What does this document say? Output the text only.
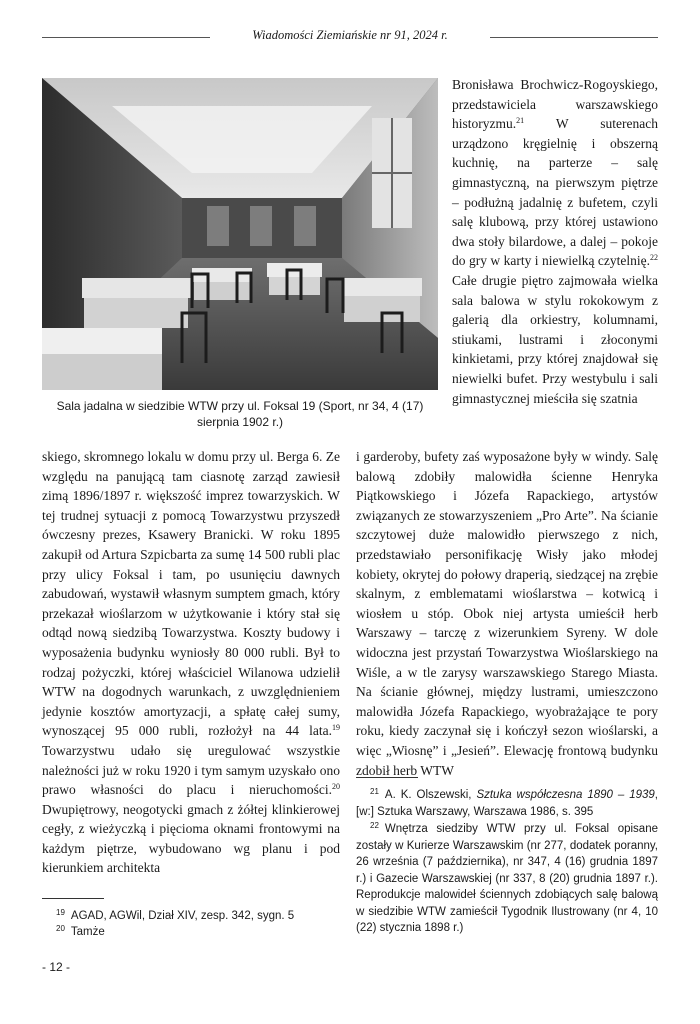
Wiadomości Ziemiańskie nr 91, 2024 r.
Sala jadalna w siedzibie WTW przy ul. Foksal 19 (Sport, nr 34, 4 (17) sierpnia 1902 r.)
Bronisława Brochwicz-Rogoyskiego, przedstawiciela warszawskiego historyzmu.$^{21}$ W suterenach urządzono kręgielnię i obszerną kuchnię, na parterze – salę gimnastyczną, na pierwszym piętrze – podłużną jadalnię z bufetem, czyli salę klubową, przy której ustawiono dwa stoły bilardowe, a dalej – pokoje do gry w karty i niewielką czytelnię.$^{22}$ Całe drugie piętro zajmowała wielka sala balowa w stylu rokokowym z galerią dla orkiestry, kolumnami, stiukami, lustrami i złoconymi kinkietami, przy której znajdował się niewielki bufet. Przy westybulu i sali gimnastycznej mieściła się szatnia
i garderoby, bufety zaś wyposażone były w windy. Salę balową zdobiły malowidła ścienne Henryka Piątkowskiego i Józefa Rapackiego, artystów związanych ze stowarzyszeniem „Pro Arte”. Na ścianie szczytowej duże malowidło pierwszego z nich, przedstawiało personifikację Wisły jako młodej kobiety, okrytej do połowy draperią, siedzącej na zrębie skalnym, z emblematami wioślarstwa – kotwicą i wiosłem u stóp. Obok niej artysta umieścił herb Warszawy – tarczę z wizerunkiem Syreny. W dole widoczna jest przystań Towarzystwa Wioślarskiego na Wiśle, a w tle zarysy warszawskiego Starego Miasta. Na ścianie głównej, między lustrami, umieszczono malowidła Józefa Rapackiego, wyobrażające te pory roku, kiedy zaczynał się i kończył sezon wioślarski, a więc „Wiosnę” i „Jesień”. Elewację frontową budynku zdobił herb WTW
skiego, skromnego lokalu w domu przy ul. Berga 6. Ze względu na panującą tam ciasnotę zarząd zawiesił zimą 1896/1897 r. większość imprez towarzyskich. W tej trudnej sytuacji z pomocą Towarzystwu przyszedł ówczesny prezes, Ksawery Branicki. W roku 1895 zakupił od Artura Szpicbarta za sumę 14 500 rubli plac przy ulicy Foksal i tam, po usunięciu dawnych zabudowań, wystawił własnym sumptem gmach, który przekazał wioślarzom w użytkowanie i który stał się odtąd nową siedzibą Towarzystwa. Koszty budowy i wyposażenia budynku wyniosły 80 000 rubli. Był to rodzaj pożyczki, której właściciel Wilanowa udzielił WTW na dogodnych warunkach, z uwzględnieniem jedynie kosztów amortyzacji, a spłatę całej sumy, wynoszącej 95 000 rubli, rozłożył na 44 lata.$^{19}$ Towarzystwu udało się uregulować wszystkie należności już w roku 1920 i tym samym uzyskało ono prawo własności do placu i nieruchomości.$^{20}$ Dwupiętrowy, neogotycki gmach z żółtej klinkierowej cegły, z wieżyczką i pięcioma oknami frontowymi na każdym piętrze, wybudowano wg planu i pod kierunkiem architekta
$^{19}$ AGAD, AGWil, Dział XIV, zesp. 342, sygn. 5
$^{20}$ Tamże
$^{21}$ A. K. Olszewski, Sztuka współczesna 1890 – 1939, [w:] Sztuka Warszawy, Warszawa 1986, s. 395
$^{22}$ Wnętrza siedziby WTW przy ul. Foksal opisane zostały w Kurierze Warszawskim (nr 277, dodatek poranny, 26 września (7 października), nr 347, 4 (16) grudnia 1897 r.) i Gazecie Warszawskiej (nr 337, 8 (20) grudnia 1897 r.). Reprodukcje malowideł ściennych zdobiących salę balową w siedzibie WTW zamieścił Tygodnik Ilustrowany (nr 4, 10 (22) stycznia 1898 r.)
- 12 -
